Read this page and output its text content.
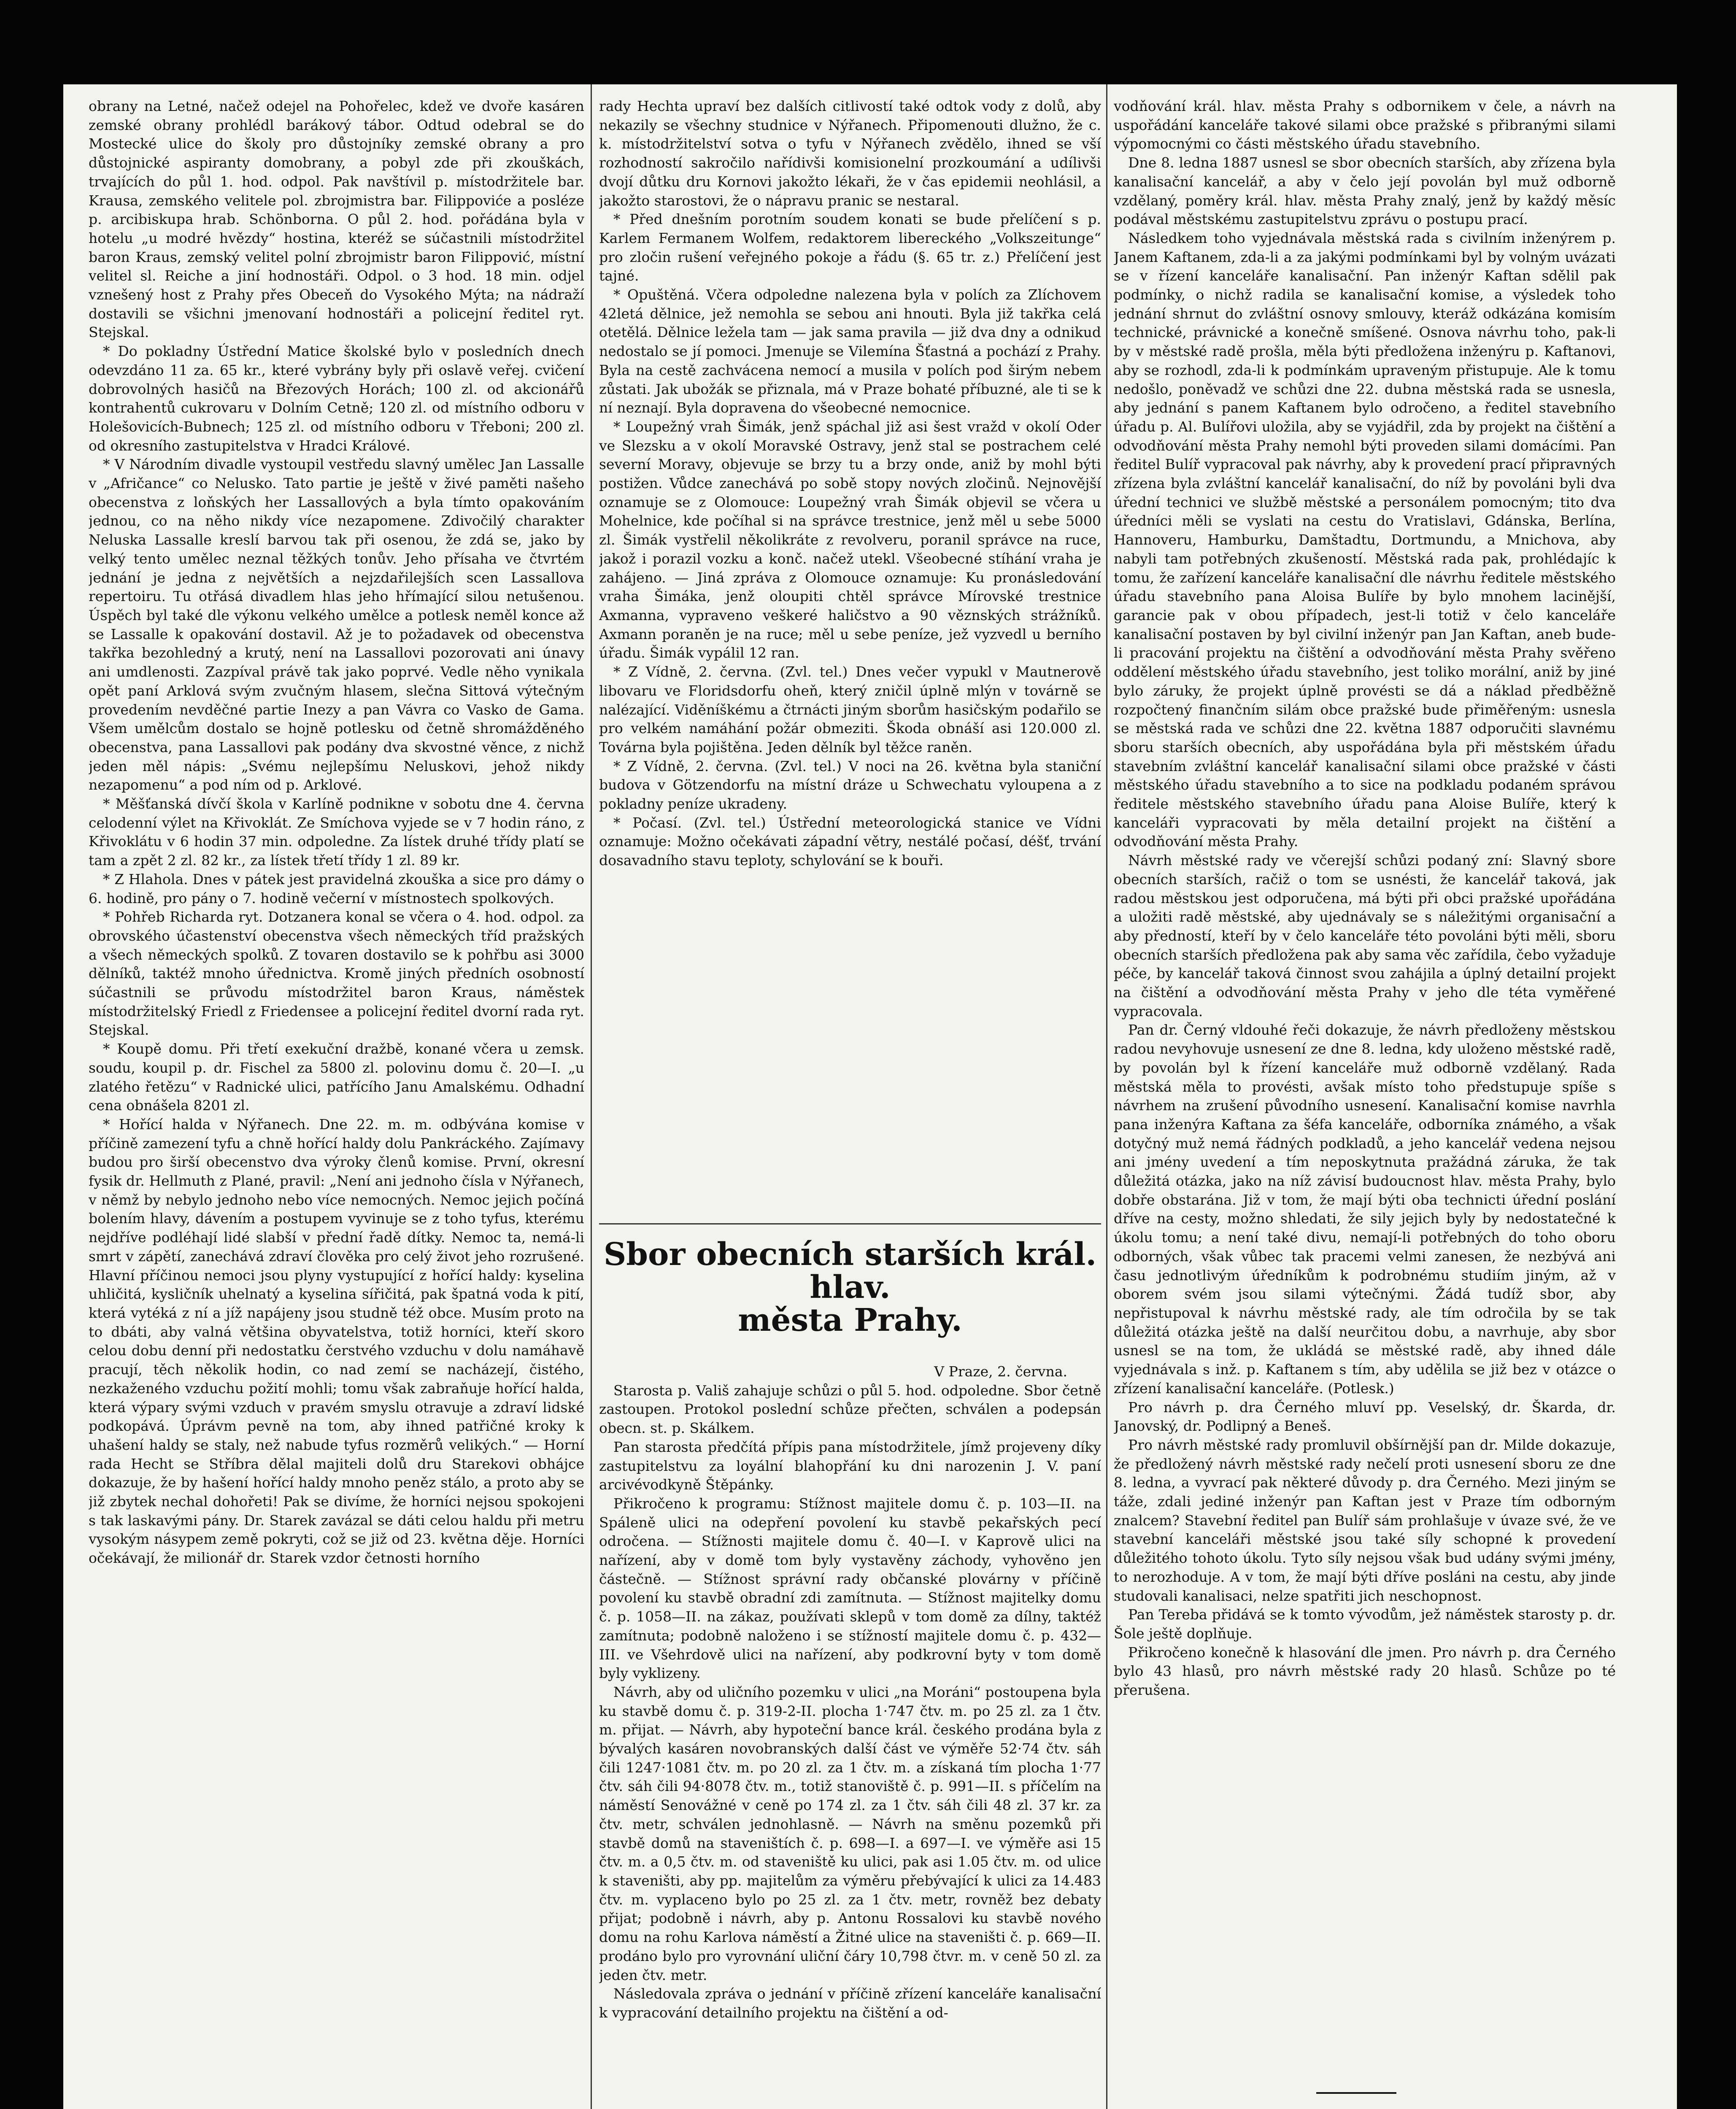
obrany na Letné, načež odejel na Pohořelec, kdež ve dvoře kasáren zemské obrany prohlédl barákový tábor. Odtud odebral se do Mostecké ulice do školy pro důstojníky zemské obrany a pro důstojnické aspiranty domobrany, a pobyl zde při zkouškách, trvajících do půl 1. hod. odpol. Pak navštívil p. místodržitele bar. Krausa, zemského velitele pol. zbrojmistra bar. Filippoviće a posléze p. arcibiskupa hrab. Schönborna. O půl 2. hod. pořádána byla v hotelu „u modré hvězdy“ hostina, kteréž se súčastnili místodržitel baron Kraus, zemský velitel polní zbrojmistr baron Filippović, místní velitel sl. Reiche a jiní hodnostáři. Odpol. o 3 hod. 18 min. odjel vznešený host z Prahy přes Obeceň do Vysokého Mýta; na nádraží dostavili se všichni jmenovaní hodnostáři a policejní ředitel ryt. Stejskal.

* Do pokladny Ústřední Matice školské bylo v posledních dnech odevzdáno 11 za. 65 kr., které vybrány byly při oslavě veřej. cvičení dobrovolných hasičů na Březových Horách; 100 zl. od akcionářů kontrahentů cukrovaru v Dolním Cetně; 120 zl. od místního odboru v Holešovicích-Bubnech; 125 zl. od místního odboru v Třeboni; 200 zl. od okresního zastupitelstva v Hradci Králové.

* V Národním divadle vystoupil vestředu slavný umělec Jan Lassalle v „Afričance“ co Nelusko. Tato partie je ještě v živé paměti našeho obecenstva z loňských her Lassallových a byla tímto opakováním jednou, co na něho nikdy více nezapomene. Zdivočilý charakter Neluska Lassalle kreslí barvou tak při osenou, že zdá se, jako by velký tento umělec neznal těžkých tonův. Jeho přísaha ve čtvrtém jednání je jedna z největších a nejzdařilejších scen Lassallova repertoiru. Tu otřásá divadlem hlas jeho hřímající silou netušenou. Úspěch byl také dle výkonu velkého umělce a potlesk neměl konce až se Lassalle k opakování dostavil. Až je to požadavek od obecenstva takřka bezohledný a krutý, není na Lassallovi pozorovati ani únavy ani umdlenosti. Zazpíval právě tak jako poprvé. Vedle něho vynikala opět paní Arklová svým zvučným hlasem, slečna Sittová výtečným provedením nevděčné partie Inezy a pan Vávra co Vasko de Gama. Všem umělcům dostalo se hojně potlesku od četně shromážděného obecenstva, pana Lassallovi pak podány dva skvostné věnce, z nichž jeden měl nápis: „Svému nejlepšímu Neluskovi, jehož nikdy nezapomenu“ a pod ním od p. Arklové.

* Měšťanská dívčí škola v Karlíně podnikne v sobotu dne 4. června celodenní výlet na Křivoklát. Ze Smíchova vyjede se v 7 hodin ráno, z Křivoklátu v 6 hodin 37 min. odpoledne. Za lístek druhé třídy platí se tam a zpět 2 zl. 82 kr., za lístek třetí třídy 1 zl. 89 kr.

* Z Hlahola. Dnes v pátek jest pravidelná zkouška a sice pro dámy o 6. hodině, pro pány o 7. hodině večerní v místnostech spolkových.

* Pohřeb Richarda ryt. Dotzanera konal se včera o 4. hod. odpol. za obrovského účastenství obecenstva všech německých tříd pražských a všech německých spolků. Z tovaren dostavilo se k pohřbu asi 3000 dělníků, taktéž mnoho úřednictva. Kromě jiných předních osobností súčastnili se průvodu místodržitel baron Kraus, náměstek místodržitelský Friedl z Friedensee a policejní ředitel dvorní rada ryt. Stejskal.

* Koupě domu. Při třetí exekuční dražbě, konané včera u zemsk. soudu, koupil p. dr. Fischel za 5800 zl. polovinu domu č. 20—I. „u zlatého řetězu“ v Radnické ulici, patřícího Janu Amalskému. Odhadní cena obnášela 8201 zl.

* Hořící halda v Nýřanech. Dne 22. m. m. odbývána komise v příčině zamezení tyfu a chně hořící haldy dolu Pankráckého. Zajímavy budou pro širší obecenstvo dva výroky členů komise. První, okresní fysik dr. Hellmuth z Plané, pravil: „Není ani jednoho čísla v Nýřanech, v němž by nebylo jednoho nebo více nemocných. Nemoc jejich počíná bolením hlavy, dávením a postupem vyvinuje se z toho tyfus, kterému nejdříve podléhají lidé slabší v přední řadě dítky. Nemoc ta, nemá-li smrt v zápětí, zanechává zdraví člověka pro celý život jeho rozrušené. Hlavní příčinou nemoci jsou plyny vystupující z hořící haldy: kyselina uhličitá, kysličník uhelnatý a kyselina sířičitá, pak špatná voda k pití, která vytéká z ní a jíž napájeny jsou studně též obce. Musím proto na to dbáti, aby valná většina obyvatelstva, totiž horníci, kteří skoro celou dobu denní při nedostatku čerstvého vzduchu v dolu namáhavě pracují, těch několik hodin, co nad zemí se nacházejí, čistého, nezkaženého vzduchu požití mohli; tomu však zabraňuje hořící halda, která výpary svými vzduch v pravém smyslu otravuje a zdraví lidské podkopává. Úprávm pevně na tom, aby ihned patřičné kroky k uhašení haldy se staly, než nabude tyfus rozměrů velikých.“ — Horní rada Hecht se Stříbra dělal majiteli dolů dru Starekovi obhájce dokazuje, že by hašení hořící haldy mnoho peněz stálo, a proto aby se již zbytek nechal dohořeti! Pak se divíme, že horníci nejsou spokojeni s tak laskavými pány. Dr. Starek zavázal se dáti celou haldu při metru vysokým násypem země pokryti, což se již od 23. května děje. Horníci očekávají, že milionář dr. Starek vzdor četnosti horního

rady Hechta upraví bez dalších citlivostí také odtok vody z dolů, aby nekazily se všechny studnice v Nýřanech. Připomenouti dlužno, že c. k. místodržitelství sotva o tyfu v Nýřanech zvědělo, ihned se vší rozhodností sakročilo nařídivši komisionelní prozkoumání a udílivši dvojí důtku dru Kornovi jakožto lékaři, že v čas epidemii neohlásil, a jakožto starostovi, že o nápravu pranic se nestaral.

* Před dnešním porotním soudem konati se bude přelíčení s p. Karlem Fermanem Wolfem, redaktorem libereckého „Volkszeitunge“ pro zločin rušení veřejného pokoje a řádu (§. 65 tr. z.) Přelíčení jest tajné.

* Opuštěná. Včera odpoledne nalezena byla v polích za Zlíchovem 42letá dělnice, jež nemohla se sebou ani hnouti. Byla již takřka celá otetělá. Dělnice ležela tam — jak sama pravila — již dva dny a odnikud nedostalo se jí pomoci. Jmenuje se Vilemína Šťastná a pochází z Prahy. Byla na cestě zachvácena nemocí a musila v polích pod širým nebem zůstati. Jak ubožák se přiznala, má v Praze bohaté příbuzné, ale ti se k ní neznají. Byla dopravena do všeobecné nemocnice.

* Loupežný vrah Šimák, jenž spáchal již asi šest vražd v okolí Oder ve Slezsku a v okolí Moravské Ostravy, jenž stal se postrachem celé severní Moravy, objevuje se brzy tu a brzy onde, aniž by mohl býti postižen. Vůdce zanechává po sobě stopy nových zločinů. Nejnovější oznamuje se z Olomouce: Loupežný vrah Šimák objevil se včera u Mohelnice, kde počíhal si na správce trestnice, jenž měl u sebe 5000 zl. Šimák vystřelil několikráte z revolveru, poranil správce na ruce, jakož i porazil vozku a konč. načež utekl. Všeobecné stíhání vraha je zahájeno. — Jiná zpráva z Olomouce oznamuje: Ku pronásledování vraha Šimáka, jenž oloupiti chtěl správce Mírovské trestnice Axmanna, vypraveno veškeré haličstvo a 90 věznských strážníků. Axmann poraněn je na ruce; měl u sebe peníze, jež vyzvedl u berního úřadu. Šimák vypálil 12 ran.

* Z Vídně, 2. června. (Zvl. tel.) Dnes večer vypukl v Mautnerově libovaru ve Floridsdorfu oheň, který zničil úplně mlýn v továrně se nalézající. Viděníškému a čtrnácti jiným sborům hasičským podařilo se pro velkém namáhání požár obmeziti. Škoda obnáší asi 120.000 zl. Továrna byla pojištěna. Jeden dělník byl těžce raněn.

* Z Vídně, 2. června. (Zvl. tel.) V noci na 26. května byla staniční budova v Götzendorfu na místní dráze u Schwechatu vyloupena a z pokladny peníze ukradeny.

* Počasí. (Zvl. tel.) Ústřední meteorologická stanice ve Vídni oznamuje: Možno očekávati západní větry, nestálé počasí, déšť, trvání dosavadního stavu teploty, schylování se k bouři.

Sbor obecních starších král. hlav.
města Prahy.

V Praze, 2. června.

Starosta p. Vališ zahajuje schůzi o půl 5. hod. odpoledne. Sbor četně zastoupen. Protokol poslední schůze přečten, schválen a podepsán obecn. st. p. Skálkem.

Pan starosta předčítá přípis pana místodržitele, jímž projeveny díky zastupitelstvu za loyální blahopřání ku dni narozenin J. V. paní arcivévodkyně Štěpánky.

Přikročeno k programu: Stížnost majitele domu č. p. 103—II. na Spáleně ulici na odepření povolení ku stavbě pekařských pecí odročena. — Stížnosti majitele domu č. 40—I. v Kaprově ulici na nařízení, aby v domě tom byly vystavěny záchody, vyhověno jen částečně. — Stížnost správní rady občanské plovárny v příčině povolení ku stavbě obradní zdi zamítnuta. — Stížnost majitelky domu č. p. 1058—II. na zákaz, používati sklepů v tom domě za dílny, taktéž zamítnuta; podobně naloženo i se stížností majitele domu č. p. 432—III. ve Všehrdově ulici na nařízení, aby podkrovní byty v tom domě byly vyklizeny.

Návrh, aby od uličního pozemku v ulici „na Moráni“ postoupena byla ku stavbě domu č. p. 319-2-II. plocha 1·747 čtv. m. po 25 zl. za 1 čtv. m. přijat. — Návrh, aby hypoteční bance král. českého prodána byla z bývalých kasáren novobranských další část ve výměře 52·74 čtv. sáh čili 1247·1081 čtv. m. po 20 zl. za 1 čtv. m. a získaná tím plocha 1·77 čtv. sáh čili 94·8078 čtv. m., totiž stanoviště č. p. 991—II. s příčelím na náměstí Senovážné v ceně po 174 zl. za 1 čtv. sáh čili 48 zl. 37 kr. za čtv. metr, schválen jednohlasně. — Návrh na směnu pozemků při stavbě domů na staveništích č. p. 698—I. a 697—I. ve výměře asi 15 čtv. m. a 0,5 čtv. m. od staveniště ku ulici, pak asi 1.05 čtv. m. od ulice k staveništi, aby pp. majitelům za výměru přebývající k ulici za 14.483 čtv. m. vyplaceno bylo po 25 zl. za 1 čtv. metr, rovněž bez debaty přijat; podobně i návrh, aby p. Antonu Rossalovi ku stavbě nového domu na rohu Karlova náměstí a Žitné ulice na staveništi č. p. 669—II. prodáno bylo pro vyrovnání uliční čáry 10,798 čtvr. m. v ceně 50 zl. za jeden čtv. metr.

Následovala zpráva o jednání v příčině zřízení kanceláře kanalisační k vypracování detailního projektu na čištění a od-

vodňování král. hlav. města Prahy s odbornikem v čele, a návrh na uspořádání kanceláře takové silami obce pražské s přibranými silami výpomocnými co části městského úřadu stavebního.

Dne 8. ledna 1887 usnesl se sbor obecních starších, aby zřízena byla kanalisační kancelář, a aby v čelo její povolán byl muž odborně vzdělaný, poměry král. hlav. města Prahy znalý, jenž by každý měsíc podával městskému zastupitelstvu zprávu o postupu prací.

Následkem toho vyjednávala městská rada s civilním inženýrem p. Janem Kaftanem, zda-li a za jakými podmínkami byl by volným uvázati se v řízení kanceláře kanalisační. Pan inženýr Kaftan sdělil pak podmínky, o nichž radila se kanalisační komise, a výsledek toho jednání shrnut do zvláštní osnovy smlouvy, kteráž odkázána komisím technické, právnické a konečně smíšené. Osnova návrhu toho, pak-li by v městské radě prošla, měla býti předložena inženýru p. Kaftanovi, aby se rozhodl, zda-li k podmínkám upraveným přistupuje. Ale k tomu nedošlo, poněvadž ve schůzi dne 22. dubna městská rada se usnesla, aby jednání s panem Kaftanem bylo odročeno, a ředitel stavebního úřadu p. Al. Bulířovi uložila, aby se vyjádřil, zda by projekt na čištění a odvodňování města Prahy nemohl býti proveden silami domácími. Pan ředitel Bulíř vypracoval pak návrhy, aby k provedení prací připravných zřízena byla zvláštní kancelář kanalisační, do níž by povoláni byli dva úřední technici ve službě městské a personálem pomocným; tito dva úředníci měli se vyslati na cestu do Vratislavi, Gdánska, Berlína, Hannoveru, Hamburku, Damštadtu, Dortmundu, a Mnichova, aby nabyli tam potřebných zkušeností. Městská rada pak, prohlédajíc k tomu, že zařízení kanceláře kanalisační dle návrhu ředitele městského úřadu stavebního pana Aloisa Bulíře by bylo mnohem lacinější, garancie pak v obou případech, jest-li totiž v čelo kanceláře kanalisační postaven by byl civilní inženýr pan Jan Kaftan, aneb bude-li pracování projektu na čištění a odvodňování města Prahy svěřeno oddělení městského úřadu stavebního, jest toliko morální, aniž by jiné bylo záruky, že projekt úplně provésti se dá a náklad předběžně rozpočtený finančním silám obce pražské bude přiměřeným: usnesla se městská rada ve schůzi dne 22. května 1887 odporučiti slavnému sboru starších obecních, aby uspořádána byla při městském úřadu stavebním zvláštní kancelář kanalisační silami obce pražské v části městského úřadu stavebního a to sice na podkladu podaném správou ředitele městského stavebního úřadu pana Aloise Bulíře, který k kanceláři vypracovati by měla detailní projekt na čištění a odvodňování města Prahy.

Návrh městské rady ve včerejší schůzi podaný zní: Slavný sbore obecních starších, račiž o tom se usnésti, že kancelář taková, jak radou městskou jest odporučena, má býti při obci pražské upořádána a uložiti radě městské, aby ujednávaly se s náležitými organisační a aby předností, kteří by v čelo kanceláře této povoláni býti měli, sboru obecních starších předložena pak aby sama věc zařídila, čebo vyžaduje péče, by kancelář taková činnost svou zahájila a úplný detailní projekt na čištění a odvodňování města Prahy v jeho dle téta vyměřené vypracovala.

Pan dr. Černý vldouhé řeči dokazuje, že návrh předloženy městskou radou nevyhovuje usnesení ze dne 8. ledna, kdy uloženo městské radě, by povolán byl k řízení kanceláře muž odborně vzdělaný. Rada městská měla to provésti, avšak místo toho předstupuje spíše s návrhem na zrušení původního usnesení. Kanalisační komise navrhla pana inženýra Kaftana za šéfa kanceláře, odborníka známého, a však dotyčný muž nemá řádných podkladů, a jeho kancelář vedena nejsou ani jmény uvedení a tím neposkytnuta pražádná záruka, že tak důležitá otázka, jako na níž závisí budoucnost hlav. města Prahy, bylo dobře obstarána. Již v tom, že mají býti oba technicti úřední poslání dříve na cesty, možno shledati, že sily jejich byly by nedostatečné k úkolu tomu; a není také divu, nemají-li potřebných do toho oboru odborných, však vůbec tak pracemi velmi zanesen, že nezbývá ani času jednotlivým úředníkům k podrobnému studiím jiným, až v oborem svém jsou silami výtečnými. Žádá tudíž sbor, aby nepřistupoval k návrhu městské rady, ale tím odročila by se tak důležitá otázka ještě na další neurčitou dobu, a navrhuje, aby sbor usnesl se na tom, že ukládá se městské radě, aby ihned dále vyjednávala s inž. p. Kaftanem s tím, aby udělila se již bez v otázce o zřízení kanalisační kanceláře. (Potlesk.)

Pro návrh p. dra Černého mluví pp. Veselský, dr. Škarda, dr. Janovský, dr. Podlipný a Beneš.

Pro návrh městské rady promluvil obšírnější pan dr. Milde dokazuje, že předložený návrh městské rady nečelí proti usnesení sboru ze dne 8. ledna, a vyvrací pak některé důvody p. dra Černého. Mezi jiným se táže, zdali jediné inženýr pan Kaftan jest v Praze tím odborným znalcem? Stavební ředitel pan Bulíř sám prohlašuje v úvaze své, že ve stavební kanceláři městské jsou také síly schopné k provedení důležitého tohoto úkolu. Tyto síly nejsou však bud udány svými jmény, to nerozhoduje. A v tom, že mají býti dříve posláni na cestu, aby jinde studovali kanalisaci, nelze spatřiti jich neschopnost.

Pan Tereba přidává se k tomto vývodům, jež náměstek starosty p. dr. Šole ještě doplňuje.

Přikročeno konečně k hlasování dle jmen. Pro návrh p. dra Černého bylo 43 hlasů, pro návrh městské rady 20 hlasů. Schůze po té přerušena.
